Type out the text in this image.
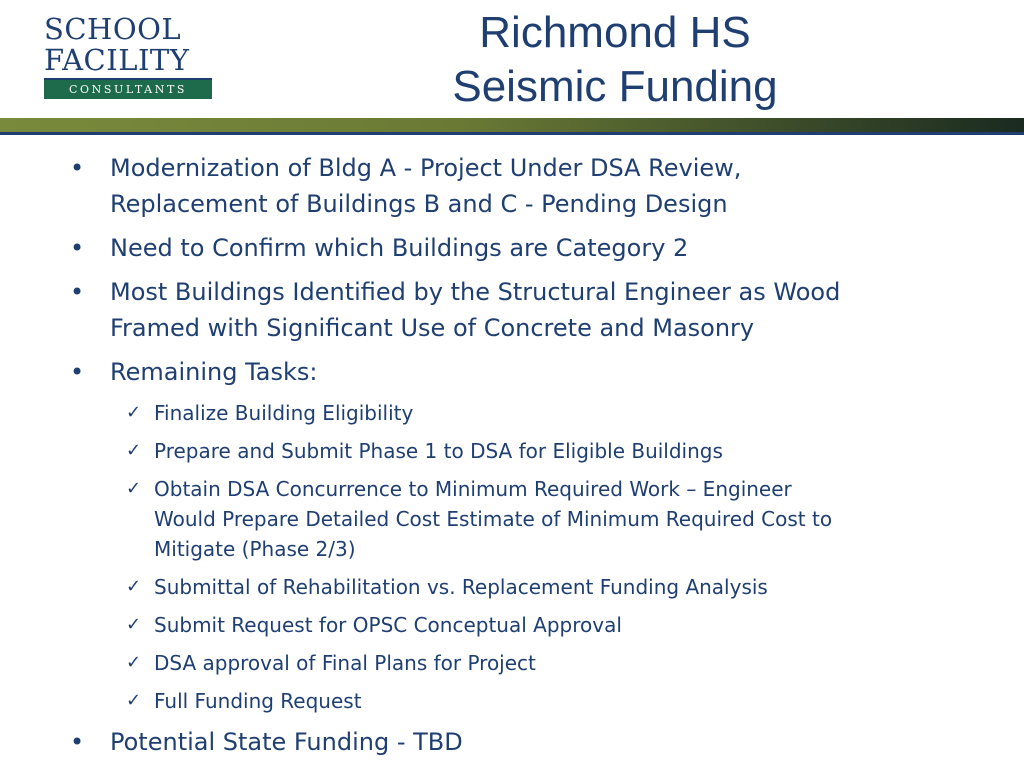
SCHOOL
FACILITY
CONSULTANTS
Richmond HS
Seismic Funding
• Modernization of Bldg A - Project Under DSA Review,
Replacement of Buildings B and C - Pending Design
• Need to Confirm which Buildings are Category 2
• Most Buildings Identified by the Structural Engineer as Wood
Framed with Significant Use of Concrete and Masonry
• Remaining Tasks:
✓ Finalize Building Eligibility
✓ Prepare and Submit Phase 1 to DSA for Eligible Buildings
✓ Obtain DSA Concurrence to Minimum Required Work – Engineer
Would Prepare Detailed Cost Estimate of Minimum Required Cost to
Mitigate (Phase 2/3)
✓ Submittal of Rehabilitation vs. Replacement Funding Analysis
✓ Submit Request for OPSC Conceptual Approval
✓ DSA approval of Final Plans for Project
✓ Full Funding Request
• Potential State Funding - TBD
